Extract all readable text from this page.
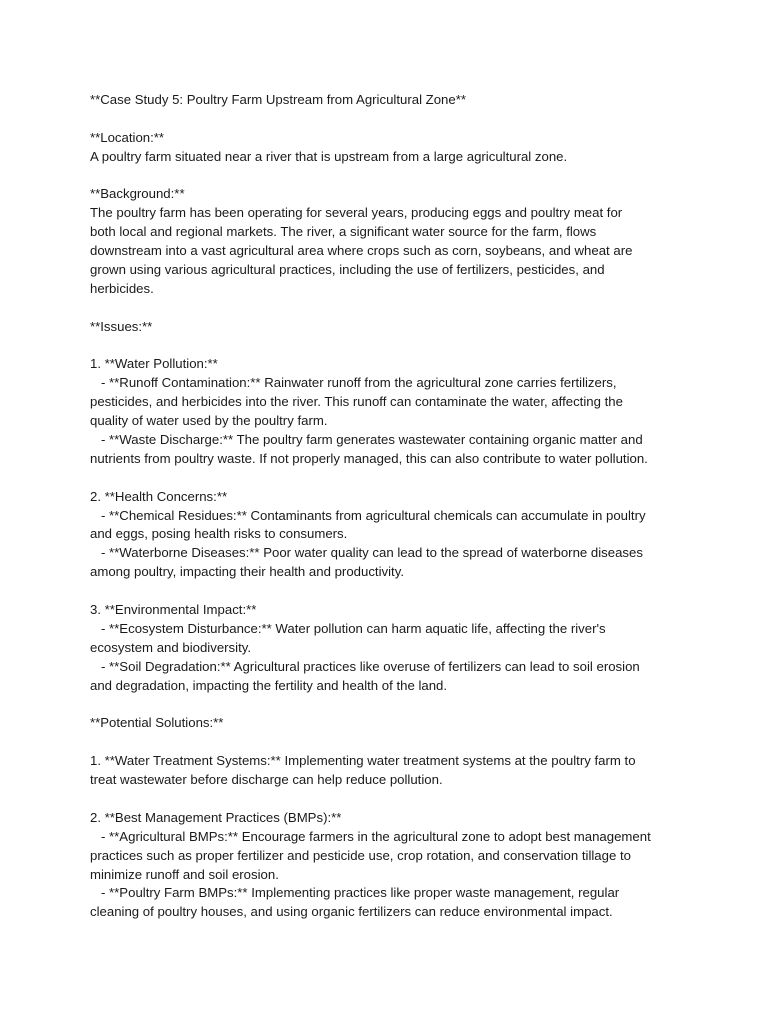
**Case Study 5: Poultry Farm Upstream from Agricultural Zone**
**Location:**
A poultry farm situated near a river that is upstream from a large agricultural zone.
**Background:**
The poultry farm has been operating for several years, producing eggs and poultry meat for
both local and regional markets. The river, a significant water source for the farm, flows
downstream into a vast agricultural area where crops such as corn, soybeans, and wheat are
grown using various agricultural practices, including the use of fertilizers, pesticides, and
herbicides.
**Issues:**
1. **Water Pollution:**
- **Runoff Contamination:** Rainwater runoff from the agricultural zone carries fertilizers,
pesticides, and herbicides into the river. This runoff can contaminate the water, affecting the
quality of water used by the poultry farm.
- **Waste Discharge:** The poultry farm generates wastewater containing organic matter and
nutrients from poultry waste. If not properly managed, this can also contribute to water pollution.
2. **Health Concerns:**
- **Chemical Residues:** Contaminants from agricultural chemicals can accumulate in poultry
and eggs, posing health risks to consumers.
- **Waterborne Diseases:** Poor water quality can lead to the spread of waterborne diseases
among poultry, impacting their health and productivity.
3. **Environmental Impact:**
- **Ecosystem Disturbance:** Water pollution can harm aquatic life, affecting the river's
ecosystem and biodiversity.
- **Soil Degradation:** Agricultural practices like overuse of fertilizers can lead to soil erosion
and degradation, impacting the fertility and health of the land.
**Potential Solutions:**
1. **Water Treatment Systems:** Implementing water treatment systems at the poultry farm to
treat wastewater before discharge can help reduce pollution.
2. **Best Management Practices (BMPs):**
- **Agricultural BMPs:** Encourage farmers in the agricultural zone to adopt best management
practices such as proper fertilizer and pesticide use, crop rotation, and conservation tillage to
minimize runoff and soil erosion.
- **Poultry Farm BMPs:** Implementing practices like proper waste management, regular
cleaning of poultry houses, and using organic fertilizers can reduce environmental impact.
